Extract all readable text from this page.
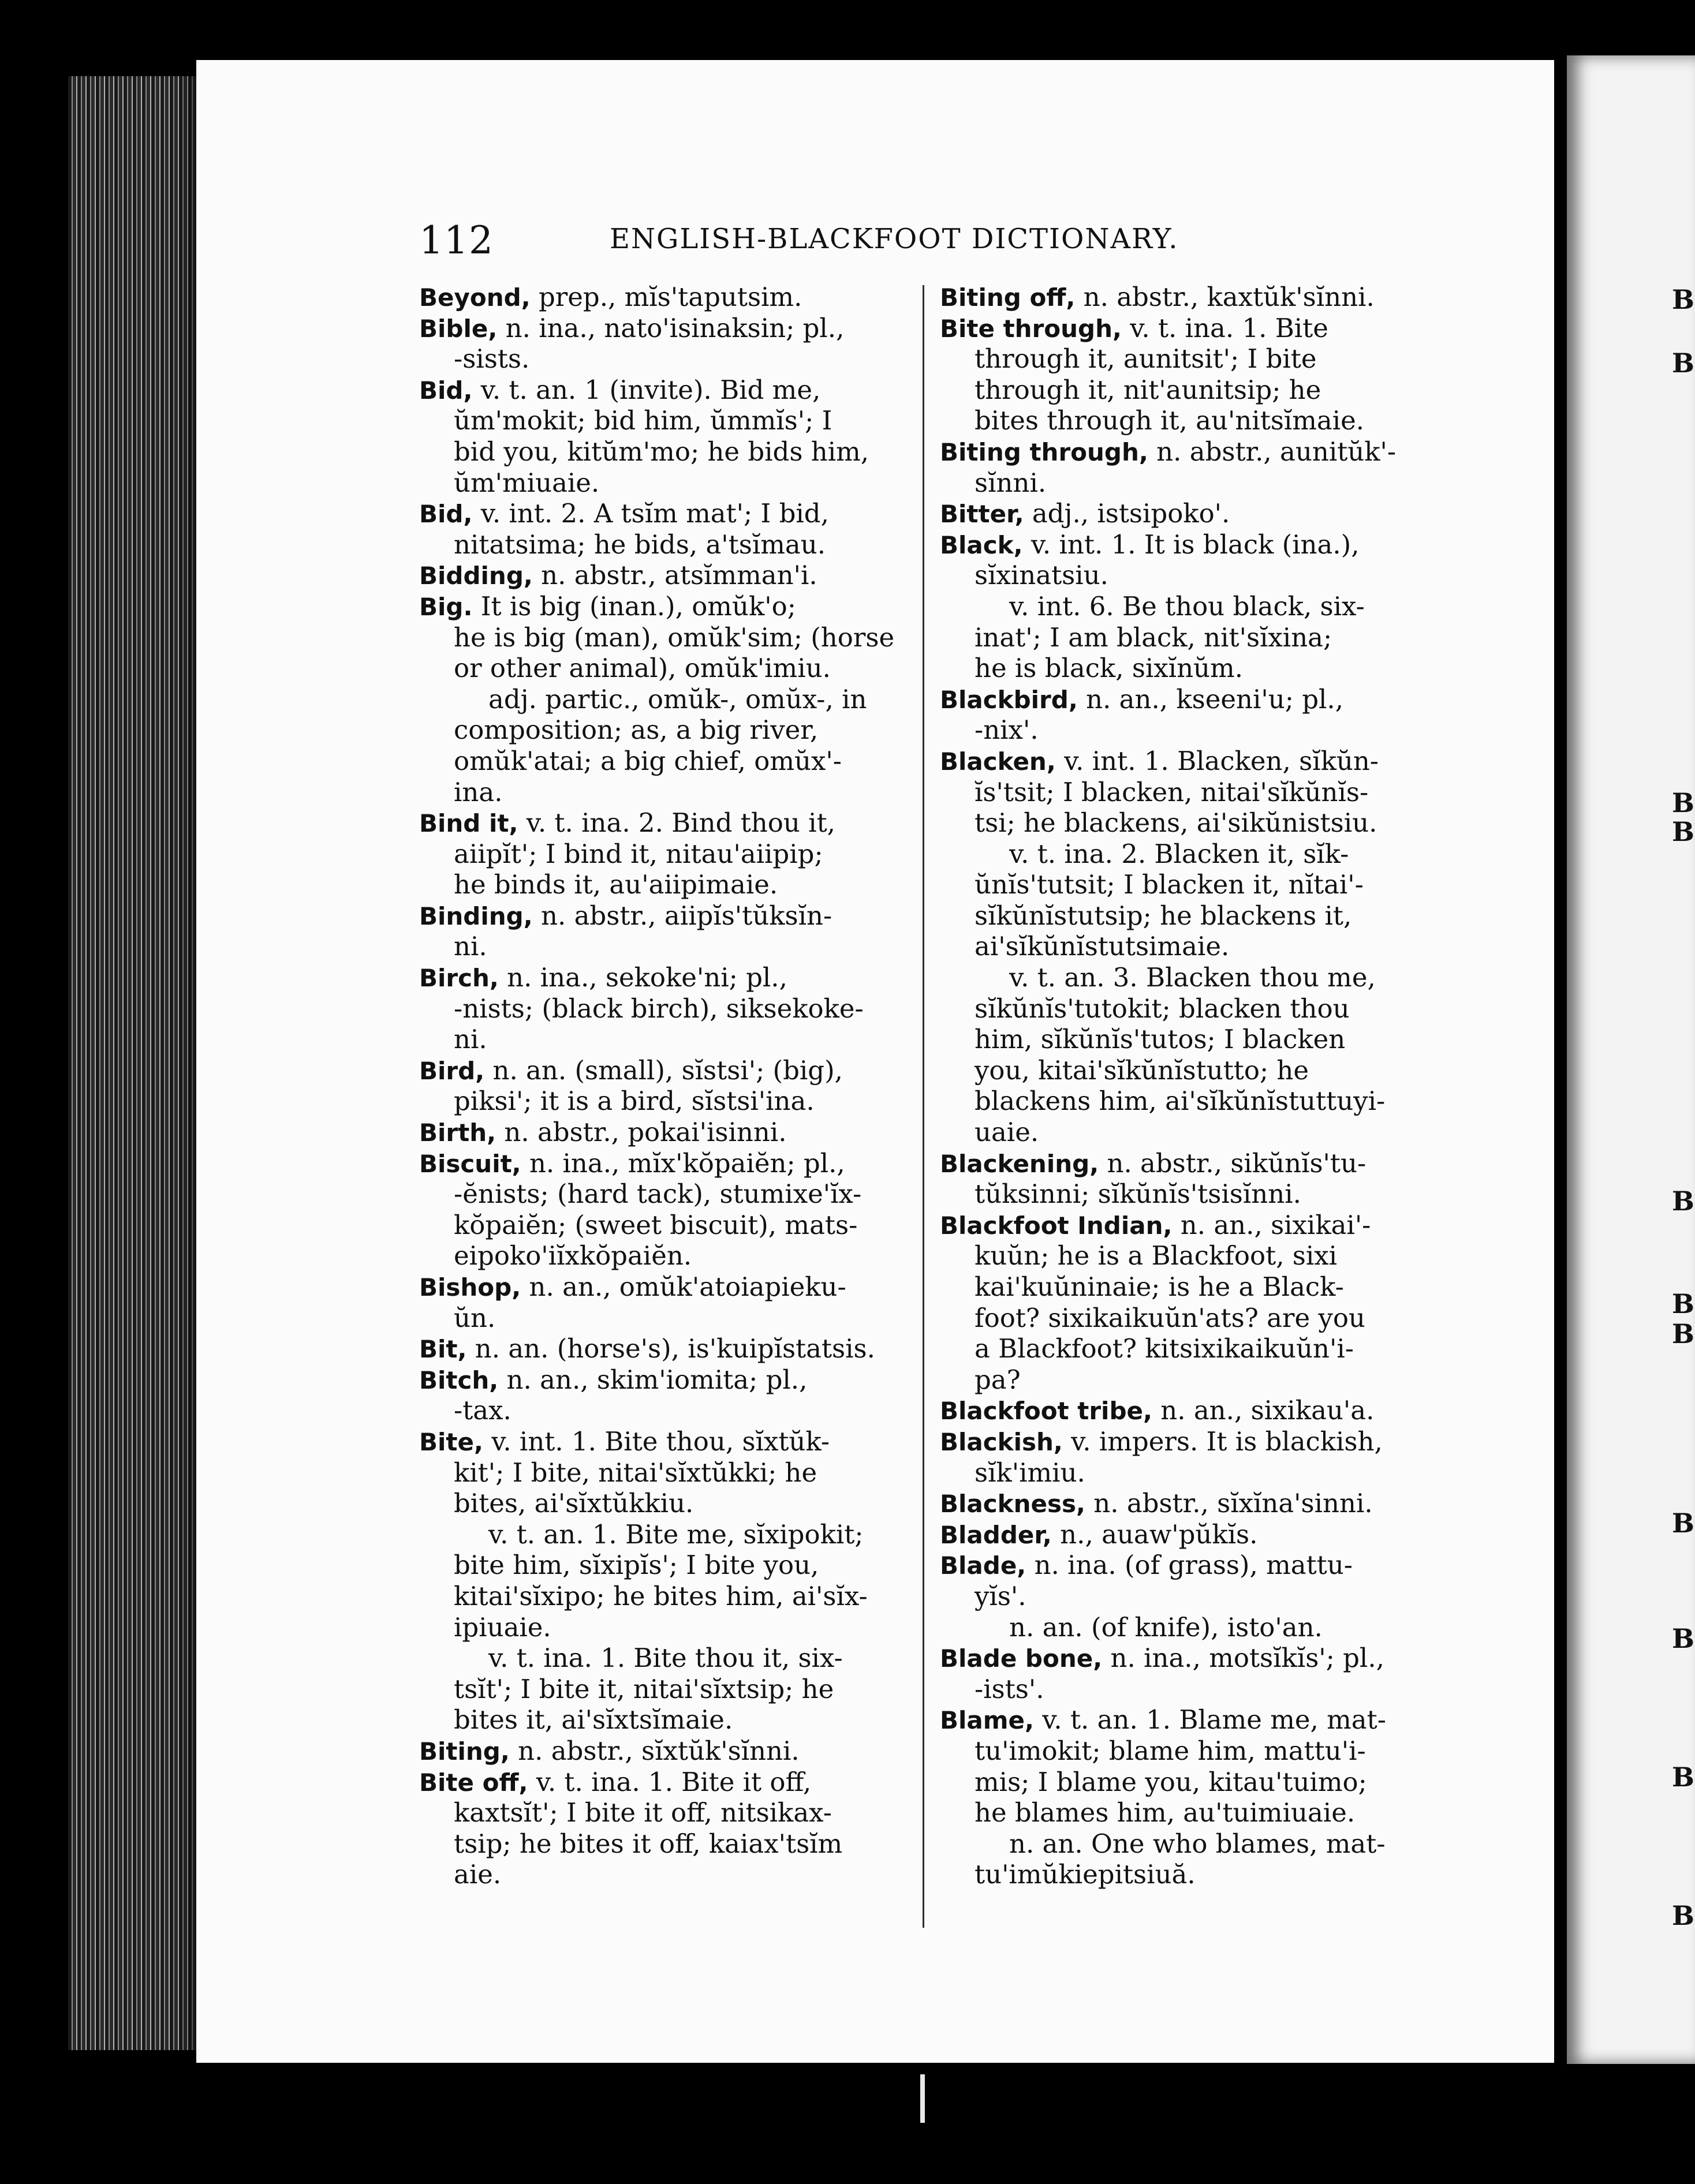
B
B
B
B
B
B
B
B
B
B
B
112	ENGLISH-BLACKFOOT DICTIONARY.
Beyond, prep., mĭs'taputsim.
Bible, n. ina., nato'isinaksin; pl.,
-sists.
Bid, v. t. an. 1 (invite). Bid me,
ŭm'mokit; bid him, ŭmmĭs'; I
bid you, kitŭm'mo; he bids him,
ŭm'miuaie.
Bid, v. int. 2. A tsĭm mat'; I bid,
nitatsima; he bids, a'tsĭmau.
Bidding, n. abstr., atsĭmman'i.
Big. It is big (inan.), omŭk'o;
he is big (man), omŭk'sim; (horse
or other animal), omŭk'imiu.
adj. partic., omŭk-, omŭx-, in
composition; as, a big river,
omŭk'atai; a big chief, omŭx'-
ina.
Bind it, v. t. ina. 2. Bind thou it,
aiipĭt'; I bind it, nitau'aiipip;
he binds it, au'aiipimaie.
Binding, n. abstr., aiipĭs'tŭksĭn-
ni.
Birch, n. ina., sekoke'ni; pl.,
-nists; (black birch), siksekoke-
ni.
Bird, n. an. (small), sĭstsi'; (big),
piksi'; it is a bird, sĭstsi'ina.
Birth, n. abstr., pokai'isinni.
Biscuit, n. ina., mĭx'kŏpaiĕn; pl.,
-ĕnists; (hard tack), stumixe'ĭx-
kŏpaiĕn; (sweet biscuit), mats-
eipoko'iĭxkŏpaiĕn.
Bishop, n. an., omŭk'atoiapieku-
ŭn.
Bit, n. an. (horse's), is'kuipĭstatsis.
Bitch, n. an., skim'iomita; pl.,
-tax.
Bite, v. int. 1. Bite thou, sĭxtŭk-
kit'; I bite, nitai'sĭxtŭkki; he
bites, ai'sĭxtŭkkiu.
v. t. an. 1. Bite me, sĭxipokit;
bite him, sĭxipĭs'; I bite you,
kitai'sĭxipo; he bites him, ai'sĭx-
ipiuaie.
v. t. ina. 1. Bite thou it, six-
tsĭt'; I bite it, nitai'sĭxtsip; he
bites it, ai'sĭxtsĭmaie.
Biting, n. abstr., sĭxtŭk'sĭnni.
Bite off, v. t. ina. 1. Bite it off,
kaxtsĭt'; I bite it off, nitsikax-
tsip; he bites it off, kaiax'tsĭm
aie.
Biting off, n. abstr., kaxtŭk'sĭnni.
Bite through, v. t. ina. 1. Bite
through it, aunitsit'; I bite
through it, nit'aunitsip; he
bites through it, au'nitsĭmaie.
Biting through, n. abstr., aunitŭk'-
sĭnni.
Bitter, adj., istsipoko'.
Black, v. int. 1. It is black (ina.),
sĭxinatsiu.
v. int. 6. Be thou black, six-
inat'; I am black, nit'sĭxina;
he is black, sixĭnŭm.
Blackbird, n. an., kseeni'u; pl.,
-nix'.
Blacken, v. int. 1. Blacken, sĭkŭn-
ĭs'tsit; I blacken, nitai'sĭkŭnĭs-
tsi; he blackens, ai'sikŭnistsiu.
v. t. ina. 2. Blacken it, sĭk-
ŭnĭs'tutsit; I blacken it, nĭtai'-
sĭkŭnĭstutsip; he blackens it,
ai'sĭkŭnĭstutsimaie.
v. t. an. 3. Blacken thou me,
sĭkŭnĭs'tutokit; blacken thou
him, sĭkŭnĭs'tutos; I blacken
you, kitai'sĭkŭnĭstutto; he
blackens him, ai'sĭkŭnĭstuttuyi-
uaie.
Blackening, n. abstr., sikŭnĭs'tu-
tŭksinni; sĭkŭnĭs'tsisĭnni.
Blackfoot Indian, n. an., sixikai'-
kuŭn; he is a Blackfoot, sixi
kai'kuŭninaie; is he a Black-
foot? sixikaikuŭn'ats? are you
a Blackfoot? kitsixikaikuŭn'i-
pa?
Blackfoot tribe, n. an., sixikau'a.
Blackish, v. impers. It is blackish,
sĭk'imiu.
Blackness, n. abstr., sĭxĭna'sinni.
Bladder, n., auaw'pŭkĭs.
Blade, n. ina. (of grass), mattu-
yĭs'.
n. an. (of knife), isto'an.
Blade bone, n. ina., motsĭkĭs'; pl.,
-ists'.
Blame, v. t. an. 1. Blame me, mat-
tu'imokit; blame him, mattu'i-
mis; I blame you, kitau'tuimo;
he blames him, au'tuimiuaie.
n. an. One who blames, mat-
tu'imŭkiepitsiuă.
